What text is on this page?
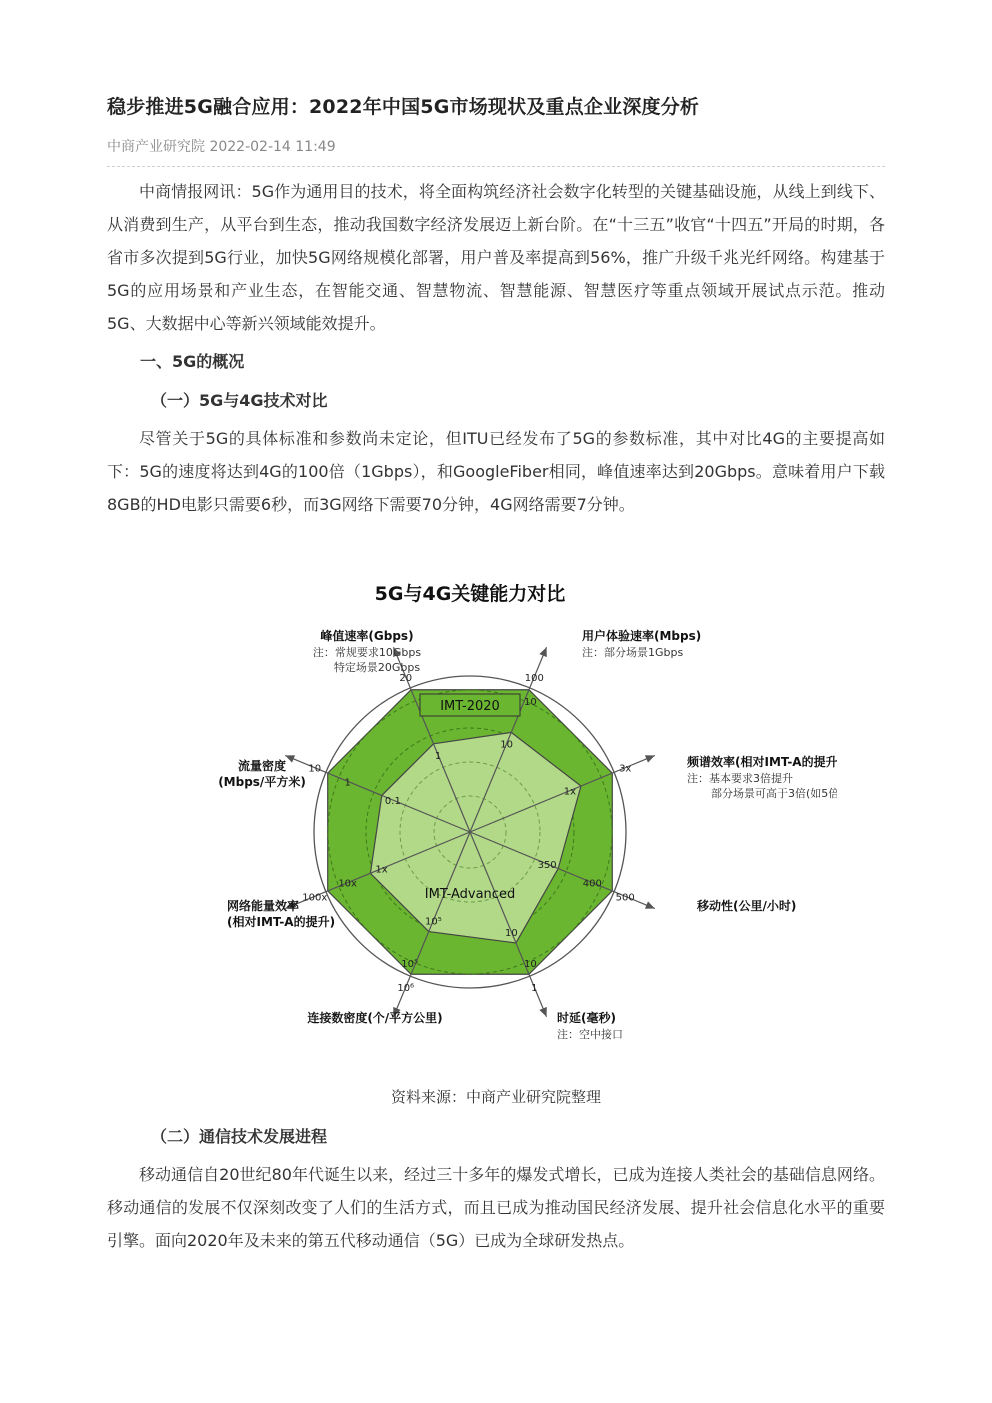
稳步推进5G融合应用：2022年中国5G市场现状及重点企业深度分析
中商产业研究院 2022-02-14 11:49

中商情报网讯：5G作为通用目的技术，将全面构筑经济社会数字化转型的关键基础设施，从线上到线下、从消费到生产，从平台到生态，推动我国数字经济发展迈上新台阶。在“十三五”收官“十四五”开局的时期，各省市多次提到5G行业，加快5G网络规模化部署，用户普及率提高到56%，推广升级千兆光纤网络。构建基于5G的应用场景和产业生态，在智能交通、智慧物流、智慧能源、智慧医疗等重点领域开展试点示范。推动5G、大数据中心等新兴领域能效提升。

一、5G的概况
（一）5G与4G技术对比

尽管关于5G的具体标准和参数尚未定论，但ITU已经发布了5G的参数标准，其中对比4G的主要提高如下：5G的速度将达到4G的100倍（1Gbps），和GoogleFiber相同，峰值速率达到20Gbps。意味着用户下载8GB的HD电影只需要6秒，而3G网络下需要70分钟，4G网络需要7分钟。

5G与4G关键能力对比
IMT-2020
IMT-Advanced
20
1
100
10
10
3x
1x
500
350
400
1
10
10
10⁶
10⁵
10⁵
100x
1x
10x
10
0.1
1
峰值速率(Gbps)
注：常规要求10Gbps
特定场景20Gbps
用户体验速率(Mbps)
注：部分场景1Gbps
频谱效率(相对IMT-A的提升)
注：基本要求3倍提升
部分场景可高于3倍(如5倍)
移动性(公里/小时)
时延(毫秒)
注：空中接口
连接数密度(个/平方公里)
网络能量效率
(相对IMT-A的提升)
流量密度
(Mbps/平方米)
资料来源：中商产业研究院整理
（二）通信技术发展进程

移动通信自20世纪80年代诞生以来，经过三十多年的爆发式增长，已成为连接人类社会的基础信息网络。移动通信的发展不仅深刻改变了人们的生活方式，而且已成为推动国民经济发展、提升社会信息化水平的重要引擎。面向2020年及未来的第五代移动通信（5G）已成为全球研发热点。
